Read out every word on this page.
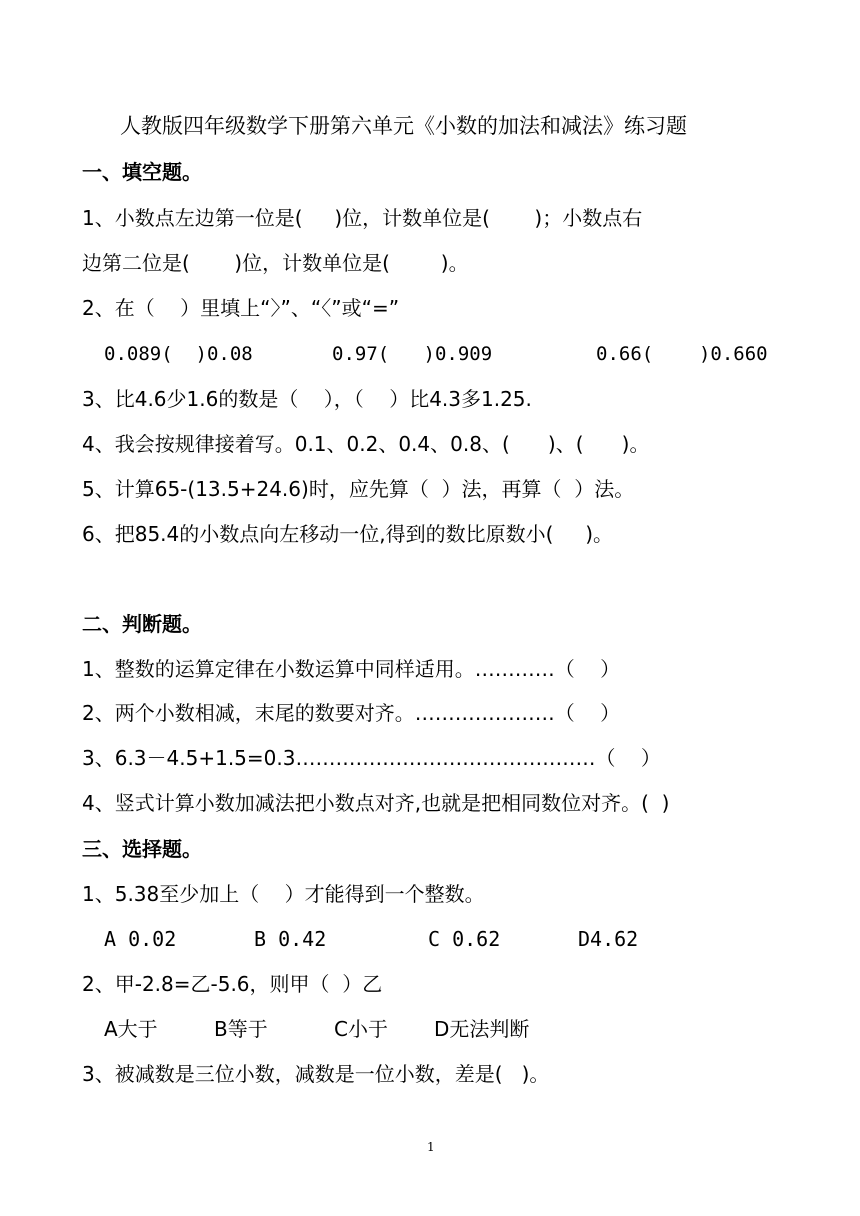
人教版四年级数学下册第六单元《小数的加法和减法》练习题
一、填空题。
1、小数点左边第一位是(     )位，计数单位是(       )；小数点右
边第二位是(       )位，计数单位是(        )。
2、在（    ）里填上“〉”、“〈”或“=”
0.089(  )0.08	0.97(   )0.909	0.66(    )0.660
3、比4.6少1.6的数是（    ），（    ）比4.3多1.25.
4、我会按规律接着写。0.1、0.2、0.4、0.8、(      )、(      )。
5、计算65-(13.5+24.6)时，应先算（  ）法，再算（  ）法。
6、把85.4的小数点向左移动一位,得到的数比原数小(     )。
二、判断题。
1、整数的运算定律在小数运算中同样适用。…………（    ）
2、两个小数相减，末尾的数要对齐。…………………（    ）
3、6.3－4.5+1.5=0.3………………………………………（    ）
4、竖式计算小数加减法把小数点对齐,也就是把相同数位对齐。(  )
三、选择题。
1、5.38至少加上（    ）才能得到一个整数。
A 0.02	B 0.42	C 0.62	D4.62
2、甲-2.8=乙-5.6，则甲（  ）乙
A大于	B等于	C小于 D无法判断
3、被减数是三位小数，减数是一位小数，差是(   )。
1
